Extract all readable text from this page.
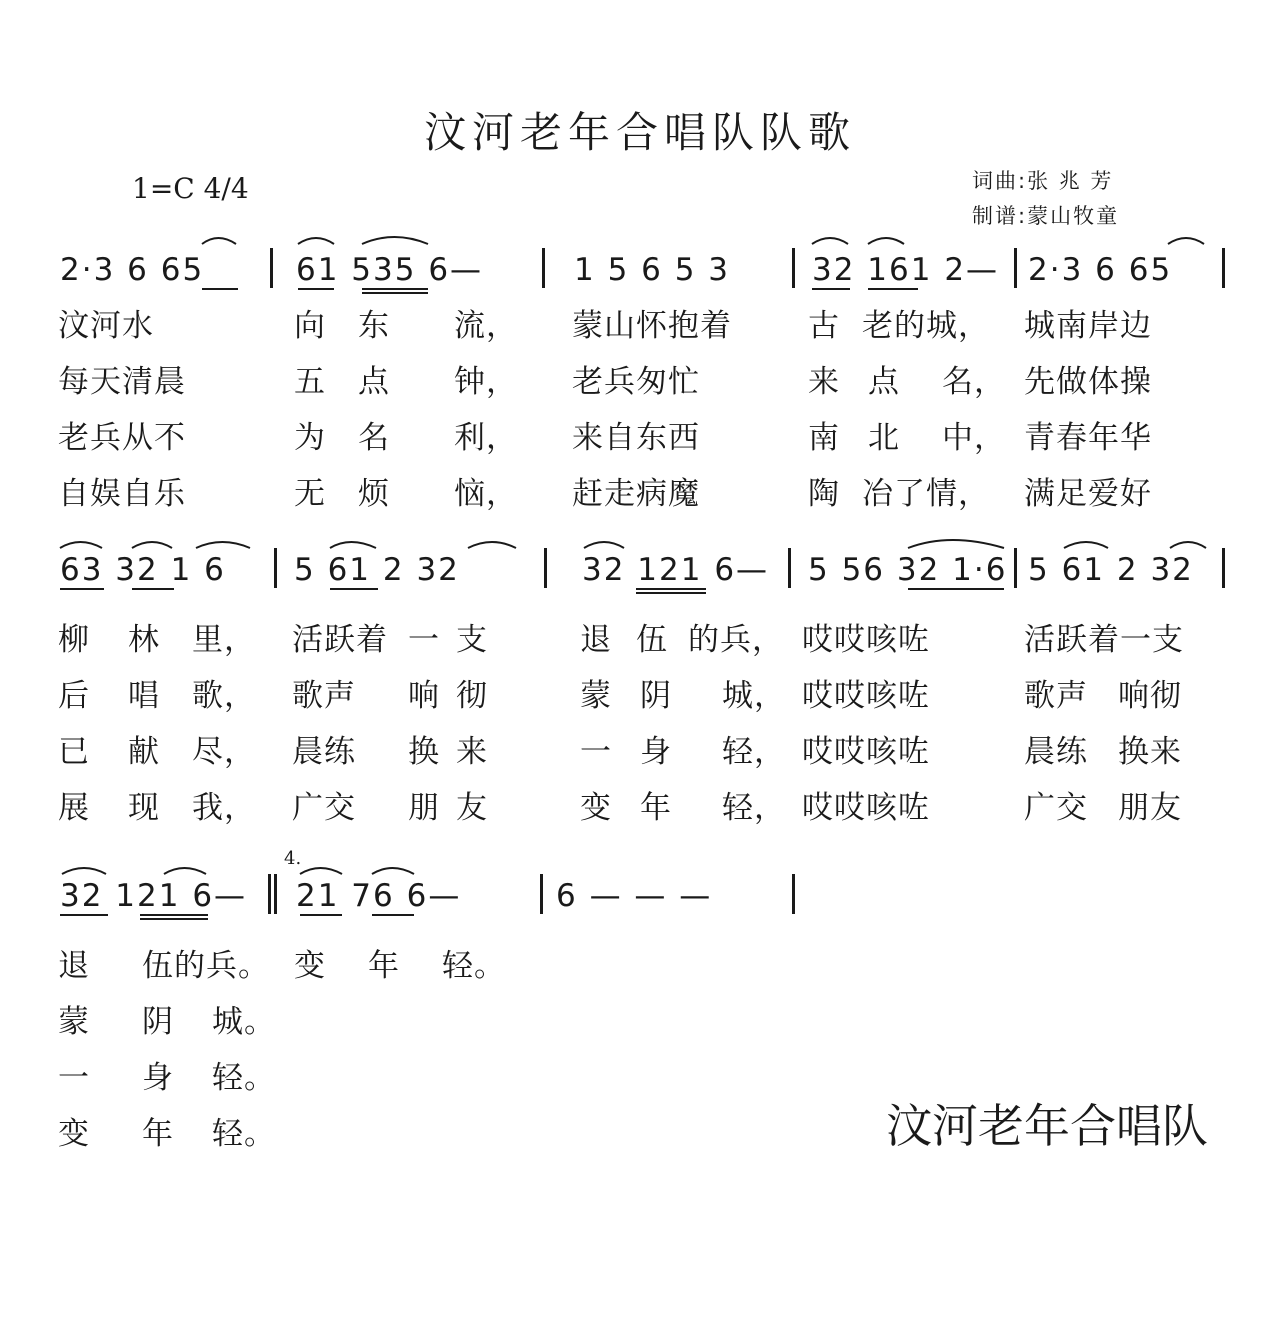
汶河老年合唱队队歌
1=C 4/4	词曲:张 兆 芳
制谱:蒙山牧童
2·3 6 65	61 535 6—	1 5 6 5 3	32 161 2— 2·3 6 65
汶河水	向 东 流， 蒙山怀抱着 古 老的城， 城南岸边
每天清晨	五 点 钟， 老兵匆忙	来 点 名， 先做体操
老兵从不	为 名 利， 来自东西	南 北 中， 青春年华
自娱自乐	无 烦 恼， 赶走病魔	陶 冶了情， 满足爱好
63 32 1 6 5 61 2 32	32 121 6— 5 56 32 1·6 5 61 2 32
柳 林 里， 活跃着 一 支	退 伍 的兵， 哎哎咳咗	活跃着一支
后 唱 歌， 歌声 响 彻	蒙 阴 城， 哎哎咳咗	歌声 响彻
已 献 尽， 晨练 换 来	一 身 轻， 哎哎咳咗	晨练 换来
展 现 我， 广交 朋 友	变 年 轻， 哎哎咳咗	广交 朋友
32 121 6—
4.
21 76 6—	6 — — —
退 伍的兵。 变 年 轻。
蒙 阴 城。
一 身 轻。
变 年 轻。	汶河老年合唱队
